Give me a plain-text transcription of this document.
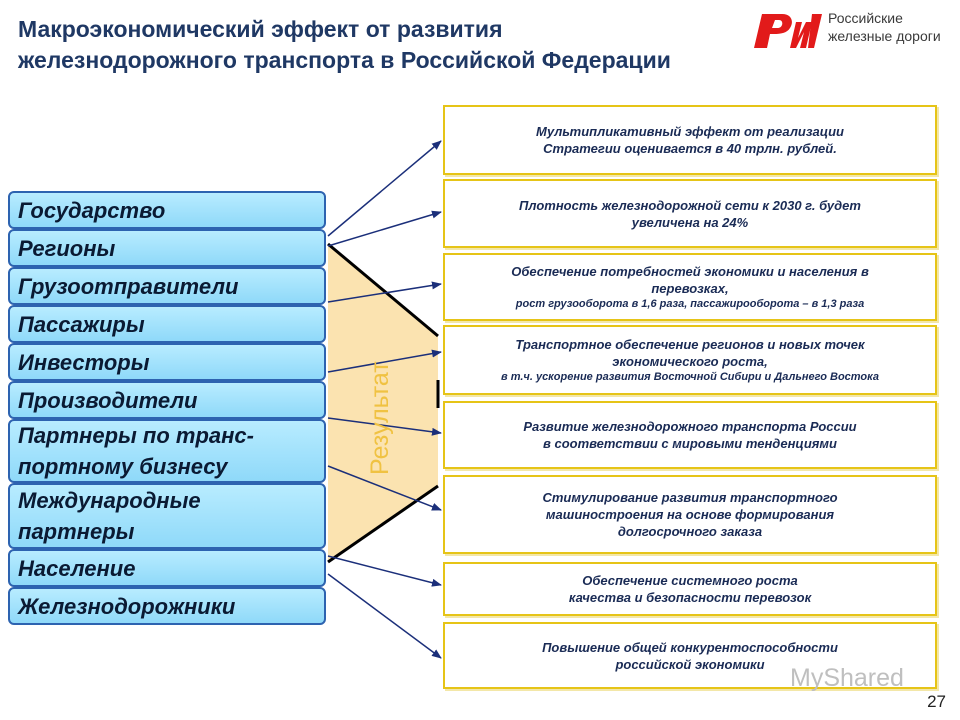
Макроэкономический эффект от развития железнодорожного транспорта в Российской Федерации
Российские
железные дороги
Результат
Государство
Регионы
Грузоотправители
Пассажиры
Инвесторы
Производители
Партнеры по транс-
портному бизнесу
Международные
партнеры
Население
Железнодорожники
Мультипликативный эффект от реализации
Стратегии оценивается в 40 трлн. рублей.
Плотность железнодорожной сети к 2030 г. будет
увеличена на 24%
Обеспечение потребностей экономики и населения в
перевозках,
рост грузооборота в 1,6 раза, пассажирооборота – в 1,3 раза
Транспортное обеспечение регионов и новых точек
экономического роста,
в т.ч. ускорение развития Восточной Сибири и Дальнего Востока
Развитие железнодорожного транспорта России
в соответствии с мировыми тенденциями
Стимулирование развития транспортного
машиностроения на основе формирования
долгосрочного заказа
Обеспечение системного роста
качества и безопасности перевозок
Повышение общей конкурентоспособности
российской экономики	MyShared
27
